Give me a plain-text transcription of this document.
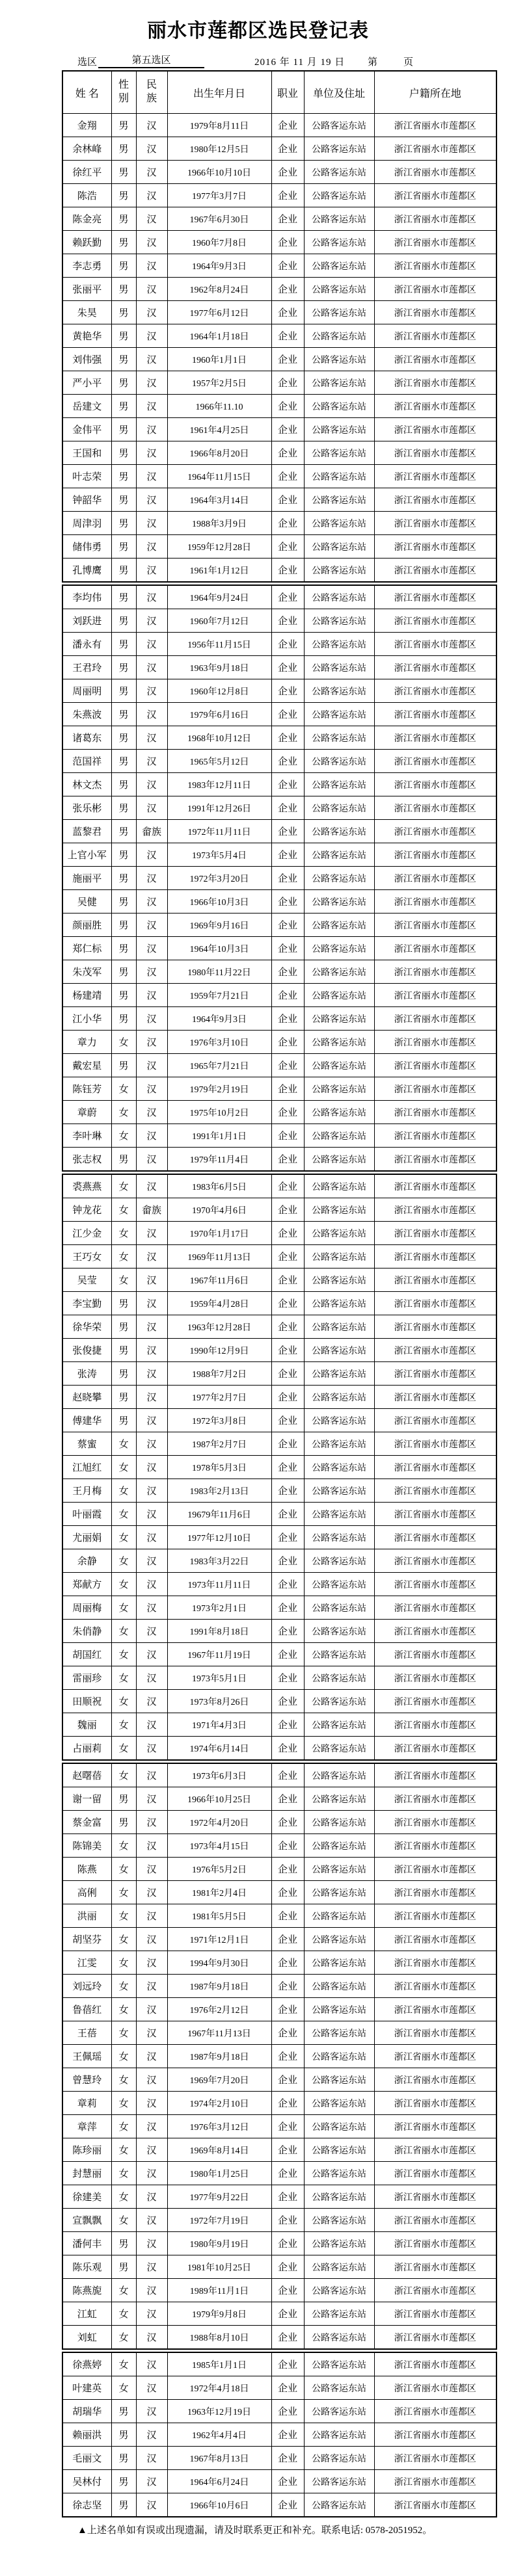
丽水市莲都区选民登记表
选区	第五选区	2016 年 11 月 19 日 第	页
姓 名	性别	民族	出生年月日	职业	单位及住址	户籍所在地
金翔	男	汉	1979年8月11日	企业	公路客运东站	浙江省丽水市莲都区
余林峰	男	汉	1980年12月5日	企业	公路客运东站	浙江省丽水市莲都区
徐红平	男	汉	1966年10月10日	企业	公路客运东站	浙江省丽水市莲都区
陈浩	男	汉	1977年3月7日	企业	公路客运东站	浙江省丽水市莲都区
陈金亮	男	汉	1967年6月30日	企业	公路客运东站	浙江省丽水市莲都区
赖跃勤	男	汉	1960年7月8日	企业	公路客运东站	浙江省丽水市莲都区
李志勇	男	汉	1964年9月3日	企业	公路客运东站	浙江省丽水市莲都区
张丽平	男	汉	1962年8月24日	企业	公路客运东站	浙江省丽水市莲都区
朱昊	男	汉	1977年6月12日	企业	公路客运东站	浙江省丽水市莲都区
黄艳华	男	汉	1964年1月18日	企业	公路客运东站	浙江省丽水市莲都区
刘伟强	男	汉	1960年1月1日	企业	公路客运东站	浙江省丽水市莲都区
严小平	男	汉	1957年2月5日	企业	公路客运东站	浙江省丽水市莲都区
岳建文	男	汉	1966年11.10	企业	公路客运东站	浙江省丽水市莲都区
金伟平	男	汉	1961年4月25日	企业	公路客运东站	浙江省丽水市莲都区
王国和	男	汉	1966年8月20日	企业	公路客运东站	浙江省丽水市莲都区
叶志荣	男	汉	1964年11月15日	企业	公路客运东站	浙江省丽水市莲都区
钟韶华	男	汉	1964年3月14日	企业	公路客运东站	浙江省丽水市莲都区
周津羽	男	汉	1988年3月9日	企业	公路客运东站	浙江省丽水市莲都区
储伟勇	男	汉	1959年12月28日	企业	公路客运东站	浙江省丽水市莲都区
孔博鹰	男	汉	1961年1月12日	企业	公路客运东站	浙江省丽水市莲都区
李均伟	男	汉	1964年9月24日	企业	公路客运东站	浙江省丽水市莲都区
刘跃进	男	汉	1960年7月12日	企业	公路客运东站	浙江省丽水市莲都区
潘永有	男	汉	1956年11月15日	企业	公路客运东站	浙江省丽水市莲都区
王君玲	男	汉	1963年9月18日	企业	公路客运东站	浙江省丽水市莲都区
周丽明	男	汉	1960年12月8日	企业	公路客运东站	浙江省丽水市莲都区
朱燕波	男	汉	1979年6月16日	企业	公路客运东站	浙江省丽水市莲都区
诸葛东	男	汉	1968年10月12日	企业	公路客运东站	浙江省丽水市莲都区
范国祥	男	汉	1965年5月12日	企业	公路客运东站	浙江省丽水市莲都区
林文杰	男	汉	1983年12月11日	企业	公路客运东站	浙江省丽水市莲都区
张乐彬	男	汉	1991年12月26日	企业	公路客运东站	浙江省丽水市莲都区
蓝黎君	男	畲族	1972年11月11日	企业	公路客运东站	浙江省丽水市莲都区
上官小军	男	汉	1973年5月4日	企业	公路客运东站	浙江省丽水市莲都区
施丽平	男	汉	1972年3月20日	企业	公路客运东站	浙江省丽水市莲都区
吴健	男	汉	1966年10月3日	企业	公路客运东站	浙江省丽水市莲都区
颜丽胜	男	汉	1969年9月16日	企业	公路客运东站	浙江省丽水市莲都区
郑仁标	男	汉	1964年10月3日	企业	公路客运东站	浙江省丽水市莲都区
朱茂军	男	汉	1980年11月22日	企业	公路客运东站	浙江省丽水市莲都区
杨建靖	男	汉	1959年7月21日	企业	公路客运东站	浙江省丽水市莲都区
江小华	男	汉	1964年9月3日	企业	公路客运东站	浙江省丽水市莲都区
章力	女	汉	1976年3月10日	企业	公路客运东站	浙江省丽水市莲都区
戴宏星	男	汉	1965年7月21日	企业	公路客运东站	浙江省丽水市莲都区
陈钰芳	女	汉	1979年2月19日	企业	公路客运东站	浙江省丽水市莲都区
章蔚	女	汉	1975年10月2日	企业	公路客运东站	浙江省丽水市莲都区
李叶琳	女	汉	1991年1月1日	企业	公路客运东站	浙江省丽水市莲都区
张志权	男	汉	1979年11月4日	企业	公路客运东站	浙江省丽水市莲都区
裘燕燕	女	汉	1983年6月5日	企业	公路客运东站	浙江省丽水市莲都区
钟龙花	女	畲族	1970年4月6日	企业	公路客运东站	浙江省丽水市莲都区
江少金	女	汉	1970年1月17日	企业	公路客运东站	浙江省丽水市莲都区
王巧女	女	汉	1969年11月13日	企业	公路客运东站	浙江省丽水市莲都区
吴莹	女	汉	1967年11月6日	企业	公路客运东站	浙江省丽水市莲都区
李宝勤	男	汉	1959年4月28日	企业	公路客运东站	浙江省丽水市莲都区
徐华荣	男	汉	1963年12月28日	企业	公路客运东站	浙江省丽水市莲都区
张俊捷	男	汉	1990年12月9日	企业	公路客运东站	浙江省丽水市莲都区
张涛	男	汉	1988年7月2日	企业	公路客运东站	浙江省丽水市莲都区
赵晓攀	男	汉	1977年2月7日	企业	公路客运东站	浙江省丽水市莲都区
傅建华	男	汉	1972年3月8日	企业	公路客运东站	浙江省丽水市莲都区
蔡蜜	女	汉	1987年2月7日	企业	公路客运东站	浙江省丽水市莲都区
江旭红	女	汉	1978年5月3日	企业	公路客运东站	浙江省丽水市莲都区
王月梅	女	汉	1983年2月13日	企业	公路客运东站	浙江省丽水市莲都区
叶丽霞	女	汉	19679年11月6日	企业	公路客运东站	浙江省丽水市莲都区
尤丽娟	女	汉	1977年12月10日	企业	公路客运东站	浙江省丽水市莲都区
余静	女	汉	1983年3月22日	企业	公路客运东站	浙江省丽水市莲都区
郑献方	女	汉	1973年11月11日	企业	公路客运东站	浙江省丽水市莲都区
周丽梅	女	汉	1973年2月1日	企业	公路客运东站	浙江省丽水市莲都区
朱俏静	女	汉	1991年8月18日	企业	公路客运东站	浙江省丽水市莲都区
胡国红	女	汉	1967年11月19日	企业	公路客运东站	浙江省丽水市莲都区
雷丽珍	女	汉	1973年5月1日	企业	公路客运东站	浙江省丽水市莲都区
田顺祝	女	汉	1973年8月26日	企业	公路客运东站	浙江省丽水市莲都区
魏丽	女	汉	1971年4月3日	企业	公路客运东站	浙江省丽水市莲都区
占丽莉	女	汉	1974年6月14日	企业	公路客运东站	浙江省丽水市莲都区
赵曙蓓	女	汉	1973年6月3日	企业	公路客运东站	浙江省丽水市莲都区
谢一留	男	汉	1966年10月25日	企业	公路客运东站	浙江省丽水市莲都区
蔡金富	男	汉	1972年4月20日	企业	公路客运东站	浙江省丽水市莲都区
陈锦美	女	汉	1973年4月15日	企业	公路客运东站	浙江省丽水市莲都区
陈燕	女	汉	1976年5月2日	企业	公路客运东站	浙江省丽水市莲都区
高俐	女	汉	1981年2月4日	企业	公路客运东站	浙江省丽水市莲都区
洪丽	女	汉	1981年5月5日	企业	公路客运东站	浙江省丽水市莲都区
胡坚芬	女	汉	1971年12月1日	企业	公路客运东站	浙江省丽水市莲都区
江雯	女	汉	1994年9月30日	企业	公路客运东站	浙江省丽水市莲都区
刘远玲	女	汉	1987年9月18日	企业	公路客运东站	浙江省丽水市莲都区
鲁蓓红	女	汉	1976年2月12日	企业	公路客运东站	浙江省丽水市莲都区
王蓓	女	汉	1967年11月13日	企业	公路客运东站	浙江省丽水市莲都区
王佩瑶	女	汉	1987年9月18日	企业	公路客运东站	浙江省丽水市莲都区
曾慧玲	女	汉	1969年7月20日	企业	公路客运东站	浙江省丽水市莲都区
章莉	女	汉	1974年2月10日	企业	公路客运东站	浙江省丽水市莲都区
章萍	女	汉	1976年3月12日	企业	公路客运东站	浙江省丽水市莲都区
陈珍丽	女	汉	1969年8月14日	企业	公路客运东站	浙江省丽水市莲都区
封慧丽	女	汉	1980年1月25日	企业	公路客运东站	浙江省丽水市莲都区
徐建美	女	汉	1977年9月22日	企业	公路客运东站	浙江省丽水市莲都区
宣飘飘	女	汉	1972年7月19日	企业	公路客运东站	浙江省丽水市莲都区
潘何丰	男	汉	1980年9月19日	企业	公路客运东站	浙江省丽水市莲都区
陈乐观	男	汉	1981年10月25日	企业	公路客运东站	浙江省丽水市莲都区
陈燕旎	女	汉	1989年11月1日	企业	公路客运东站	浙江省丽水市莲都区
江虹	女	汉	1979年9月8日	企业	公路客运东站	浙江省丽水市莲都区
刘虹	女	汉	1988年8月10日	企业	公路客运东站	浙江省丽水市莲都区
徐燕婷	女	汉	1985年1月1日	企业	公路客运东站	浙江省丽水市莲都区
叶建英	女	汉	1972年4月18日	企业	公路客运东站	浙江省丽水市莲都区
胡瑞华	男	汉	1963年12月19日	企业	公路客运东站	浙江省丽水市莲都区
赖丽洪	男	汉	1962年4月4日	企业	公路客运东站	浙江省丽水市莲都区
毛丽文	男	汉	1967年8月13日	企业	公路客运东站	浙江省丽水市莲都区
吴林付	男	汉	1964年6月24日	企业	公路客运东站	浙江省丽水市莲都区
徐志坚	男	汉	1966年10月6日	企业	公路客运东站	浙江省丽水市莲都区
▲上述名单如有误或出现遗漏，请及时联系更正和补充。联系电话: 0578-2051952。
